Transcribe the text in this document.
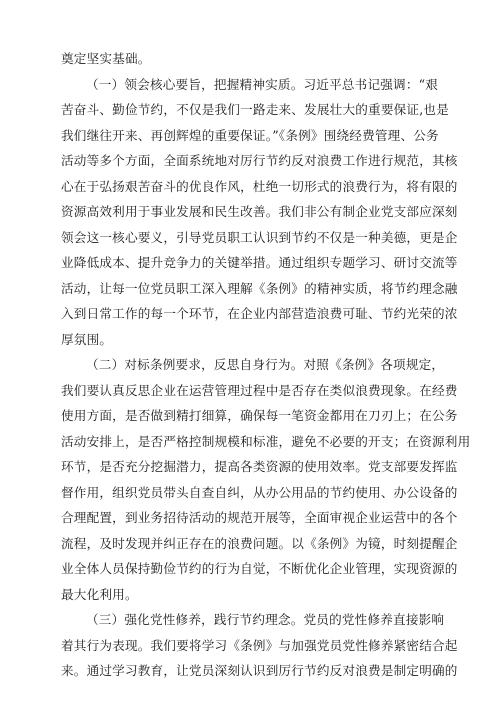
奠定坚实基础。
（一）领会核心要旨，把握精神实质。习近平总书记强调：“艰
苦奋斗、勤俭节约，不仅是我们一路走来、发展壮大的重要保证,也是
我们继往开来、再创辉煌的重要保证。”《条例》围绕经费管理、公务
活动等多个方面，全面系统地对厉行节约反对浪费工作进行规范，其核
心在于弘扬艰苦奋斗的优良作风，杜绝一切形式的浪费行为，将有限的
资源高效利用于事业发展和民生改善。我们非公有制企业党支部应深刻
领会这一核心要义，引导党员职工认识到节约不仅是一种美德，更是企
业降低成本、提升竞争力的关键举措。通过组织专题学习、研讨交流等
活动，让每一位党员职工深入理解《条例》的精神实质，将节约理念融
入到日常工作的每一个环节，在企业内部营造浪费可耻、节约光荣的浓
厚氛围。
（二）对标条例要求，反思自身行为。对照《条例》各项规定，
我们要认真反思企业在运营管理过程中是否存在类似浪费现象。在经费
使用方面，是否做到精打细算，确保每一笔资金都用在刀刃上；在公务
活动安排上，是否严格控制规模和标准，避免不必要的开支；在资源利用
环节，是否充分挖掘潜力，提高各类资源的使用效率。党支部要发挥监
督作用，组织党员带头自查自纠，从办公用品的节约使用、办公设备的
合理配置，到业务招待活动的规范开展等，全面审视企业运营中的各个
流程，及时发现并纠正存在的浪费问题。以《条例》为镜，时刻提醒企
业全体人员保持勤俭节约的行为自觉，不断优化企业管理，实现资源的
最大化利用。
（三）强化党性修养，践行节约理念。党员的党性修养直接影响
着其行为表现。我们要将学习《条例》与加强党员党性修养紧密结合起
来。通过学习教育，让党员深刻认识到厉行节约反对浪费是制定明确的
